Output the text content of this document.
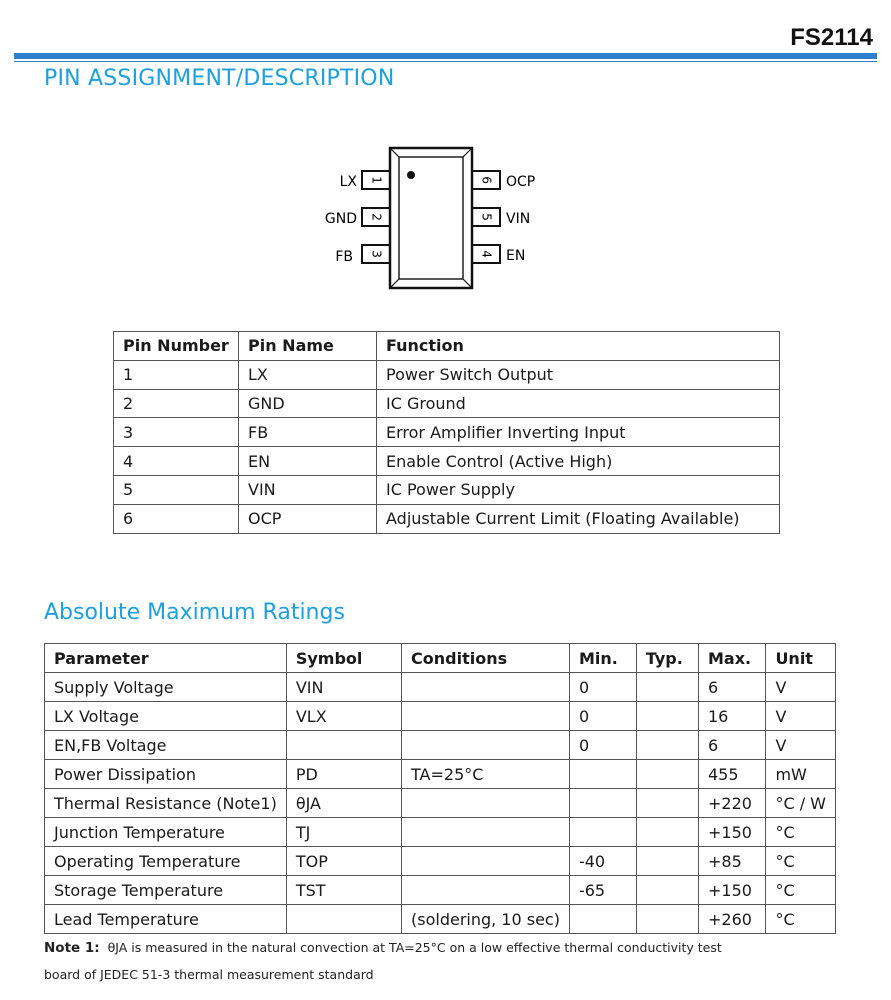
FS2114
PIN ASSIGNMENT/DESCRIPTION
1
LX
2
GND
3
FB
6 OCP
5 VIN
4 EN
Pin Number	Pin Name	Function
1	LX	Power Switch Output
2	GND	IC Ground
3	FB	Error Amplifier Inverting Input
4	EN	Enable Control (Active High)
5	VIN	IC Power Supply
6	OCP	Adjustable Current Limit (Floating Available)
Absolute Maximum Ratings
Parameter	Symbol	Conditions	Min.	Typ.	Max.	Unit
Supply Voltage	VIN		0		6	V
LX Voltage	VLX		0		16	V
EN,FB Voltage			0		6	V
Power Dissipation	PD	TA=25°C			455	mW
Thermal Resistance (Note1)	θJA				+220	°C / W
Junction Temperature	TJ				+150	°C
Operating Temperature	TOP		-40		+85	°C
Storage Temperature	TST		-65		+150	°C
Lead Temperature		(soldering, 10 sec)			+260	°C
Note 1: θJA is measured in the natural convection at TA=25°C on a low effective thermal conductivity test
board of JEDEC 51-3 thermal measurement standard
